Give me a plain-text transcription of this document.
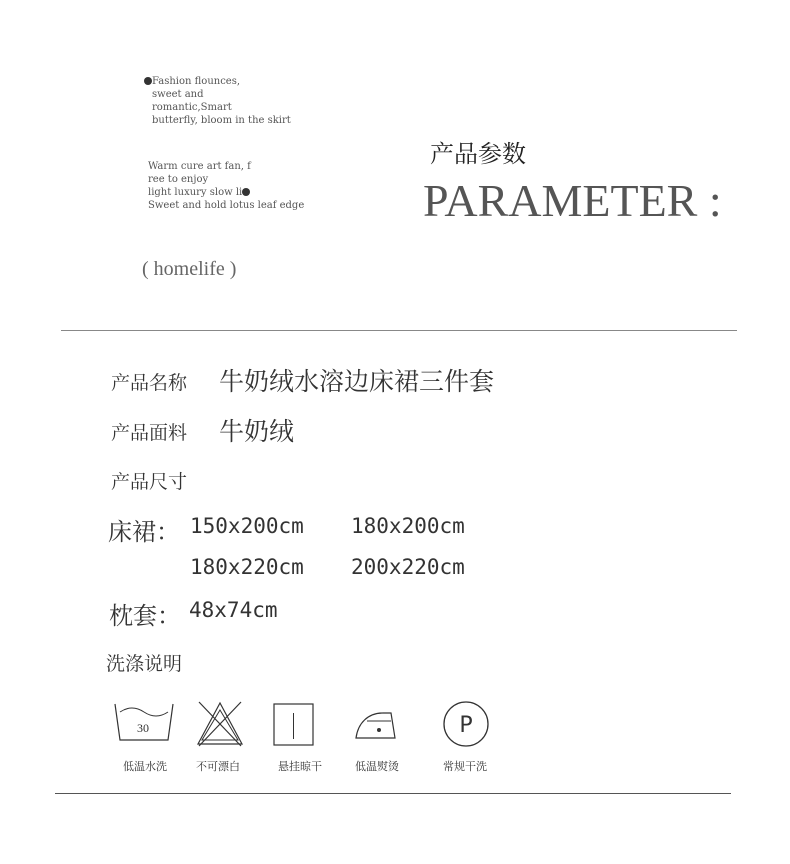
Fashion flounces,
sweet and
romantic,Smart
butterfly, bloom in the skirt
Warm cure art fan, f
ree to enjoy
light luxury slow li
Sweet and hold lotus leaf edge
产品参数
PARAMETER :
( homelife )
产品名称 牛奶绒水溶边床裙三件套
产品面料 牛奶绒
产品尺寸
床裙： 150x200cm 180x200cm
180x220cm 200x220cm
枕套： 48x74cm
洗涤说明
30
低温水洗	不可漂白	悬挂晾干	低温熨烫
P
常规干洗
